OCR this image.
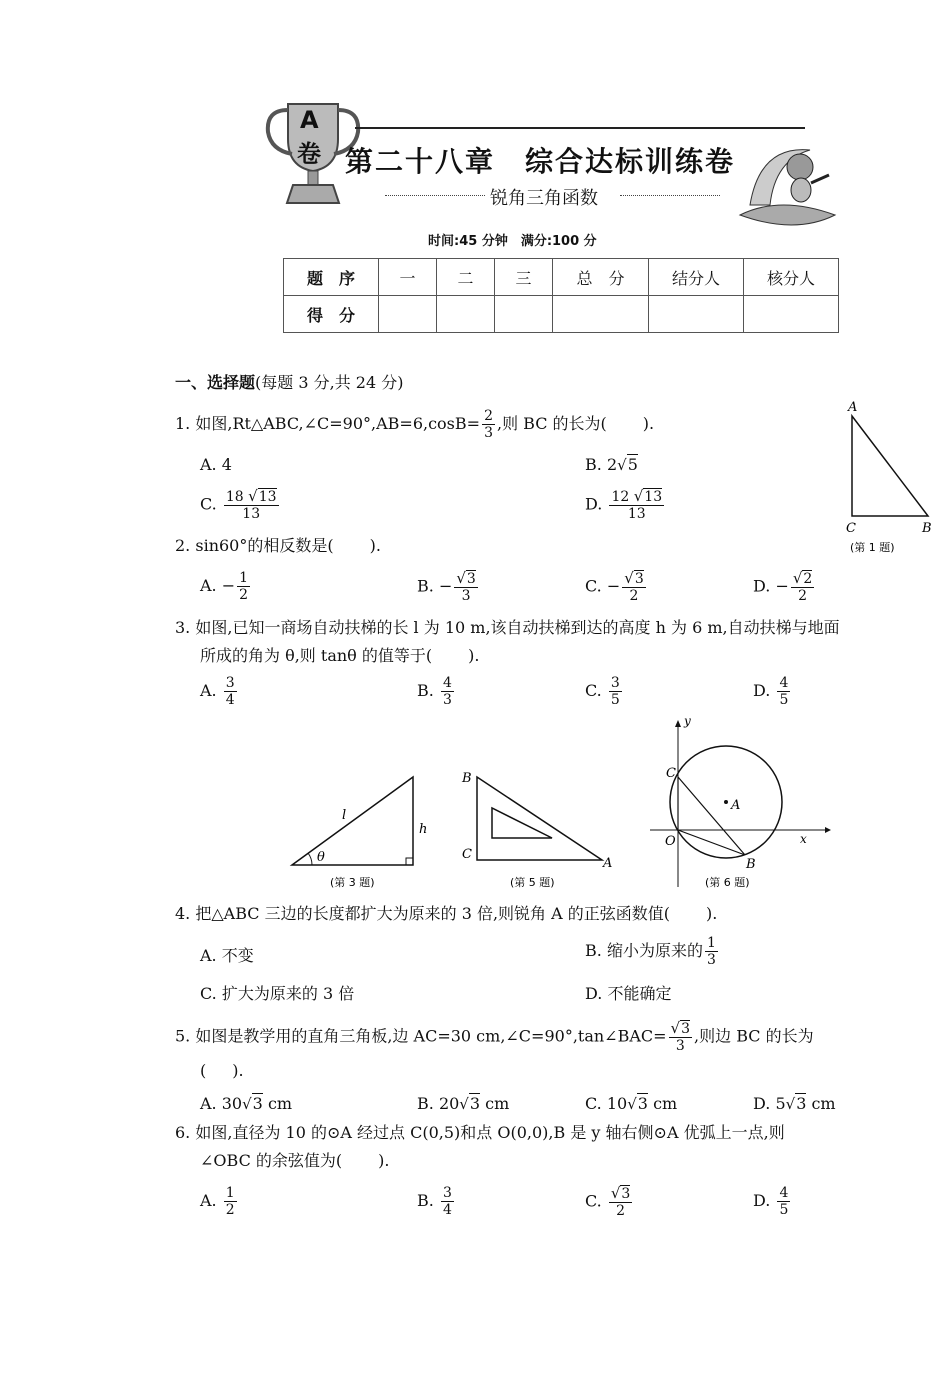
A
卷 第二十八章　综合达标训练卷
锐角三角函数
时间:45 分钟　满分:100 分
题　序	一	二	三	总　分	结分人	核分人
得　分						
一、选择题(每题 3 分,共 24 分)
1. 如图,Rt△ABC,∠C=90°,AB=6,cosB= $\frac{2}{3}$ ,则 BC 的长为( ).
A. 4	B. 2√5
C. $\frac{18 √13}{13}$	D. $\frac{12 √13}{13}$
A
C	B
(第 1 题)
2. sin60°的相反数是( ).
A. − $\frac{1}{2}$	B. − $\frac{√3}{3}$	C. − $\frac{√3}{2}$	D. − $\frac{√2}{2}$
3. 如图,已知一商场自动扶梯的长 l 为 10 m,该自动扶梯到达的高度 h 为 6 m,自动扶梯与地面
所成的角为 θ,则 tanθ 的值等于( ).
A. $\frac{3}{4}$	B. $\frac{4}{3}$	C. $\frac{3}{5}$	D. $\frac{4}{5}$
l
h
θ
(第 3 题)
B
C
A
(第 5 题)
y
x
O
C
A
B
(第 6 题)
4. 把△ABC 三边的长度都扩大为原来的 3 倍,则锐角 A 的正弦函数值( ).
A. 不变	B. 缩小为原来的 $\frac{1}{3}$
C. 扩大为原来的 3 倍	D. 不能确定
5. 如图是教学用的直角三角板,边 AC=30 cm,∠C=90°,tan∠BAC= $\frac{√3}{3}$ ,则边 BC 的长为
( ).
A. 30√3 cm	B. 20√3 cm	C. 10√3 cm	D. 5√3 cm
6. 如图,直径为 10 的⊙A 经过点 C(0,5)和点 O(0,0),B 是 y 轴右侧⊙A 优弧上一点,则
∠OBC 的余弦值为( ).
A. $\frac{1}{2}$	B. $\frac{3}{4}$	C. $\frac{√3}{2}$	D. $\frac{4}{5}$
